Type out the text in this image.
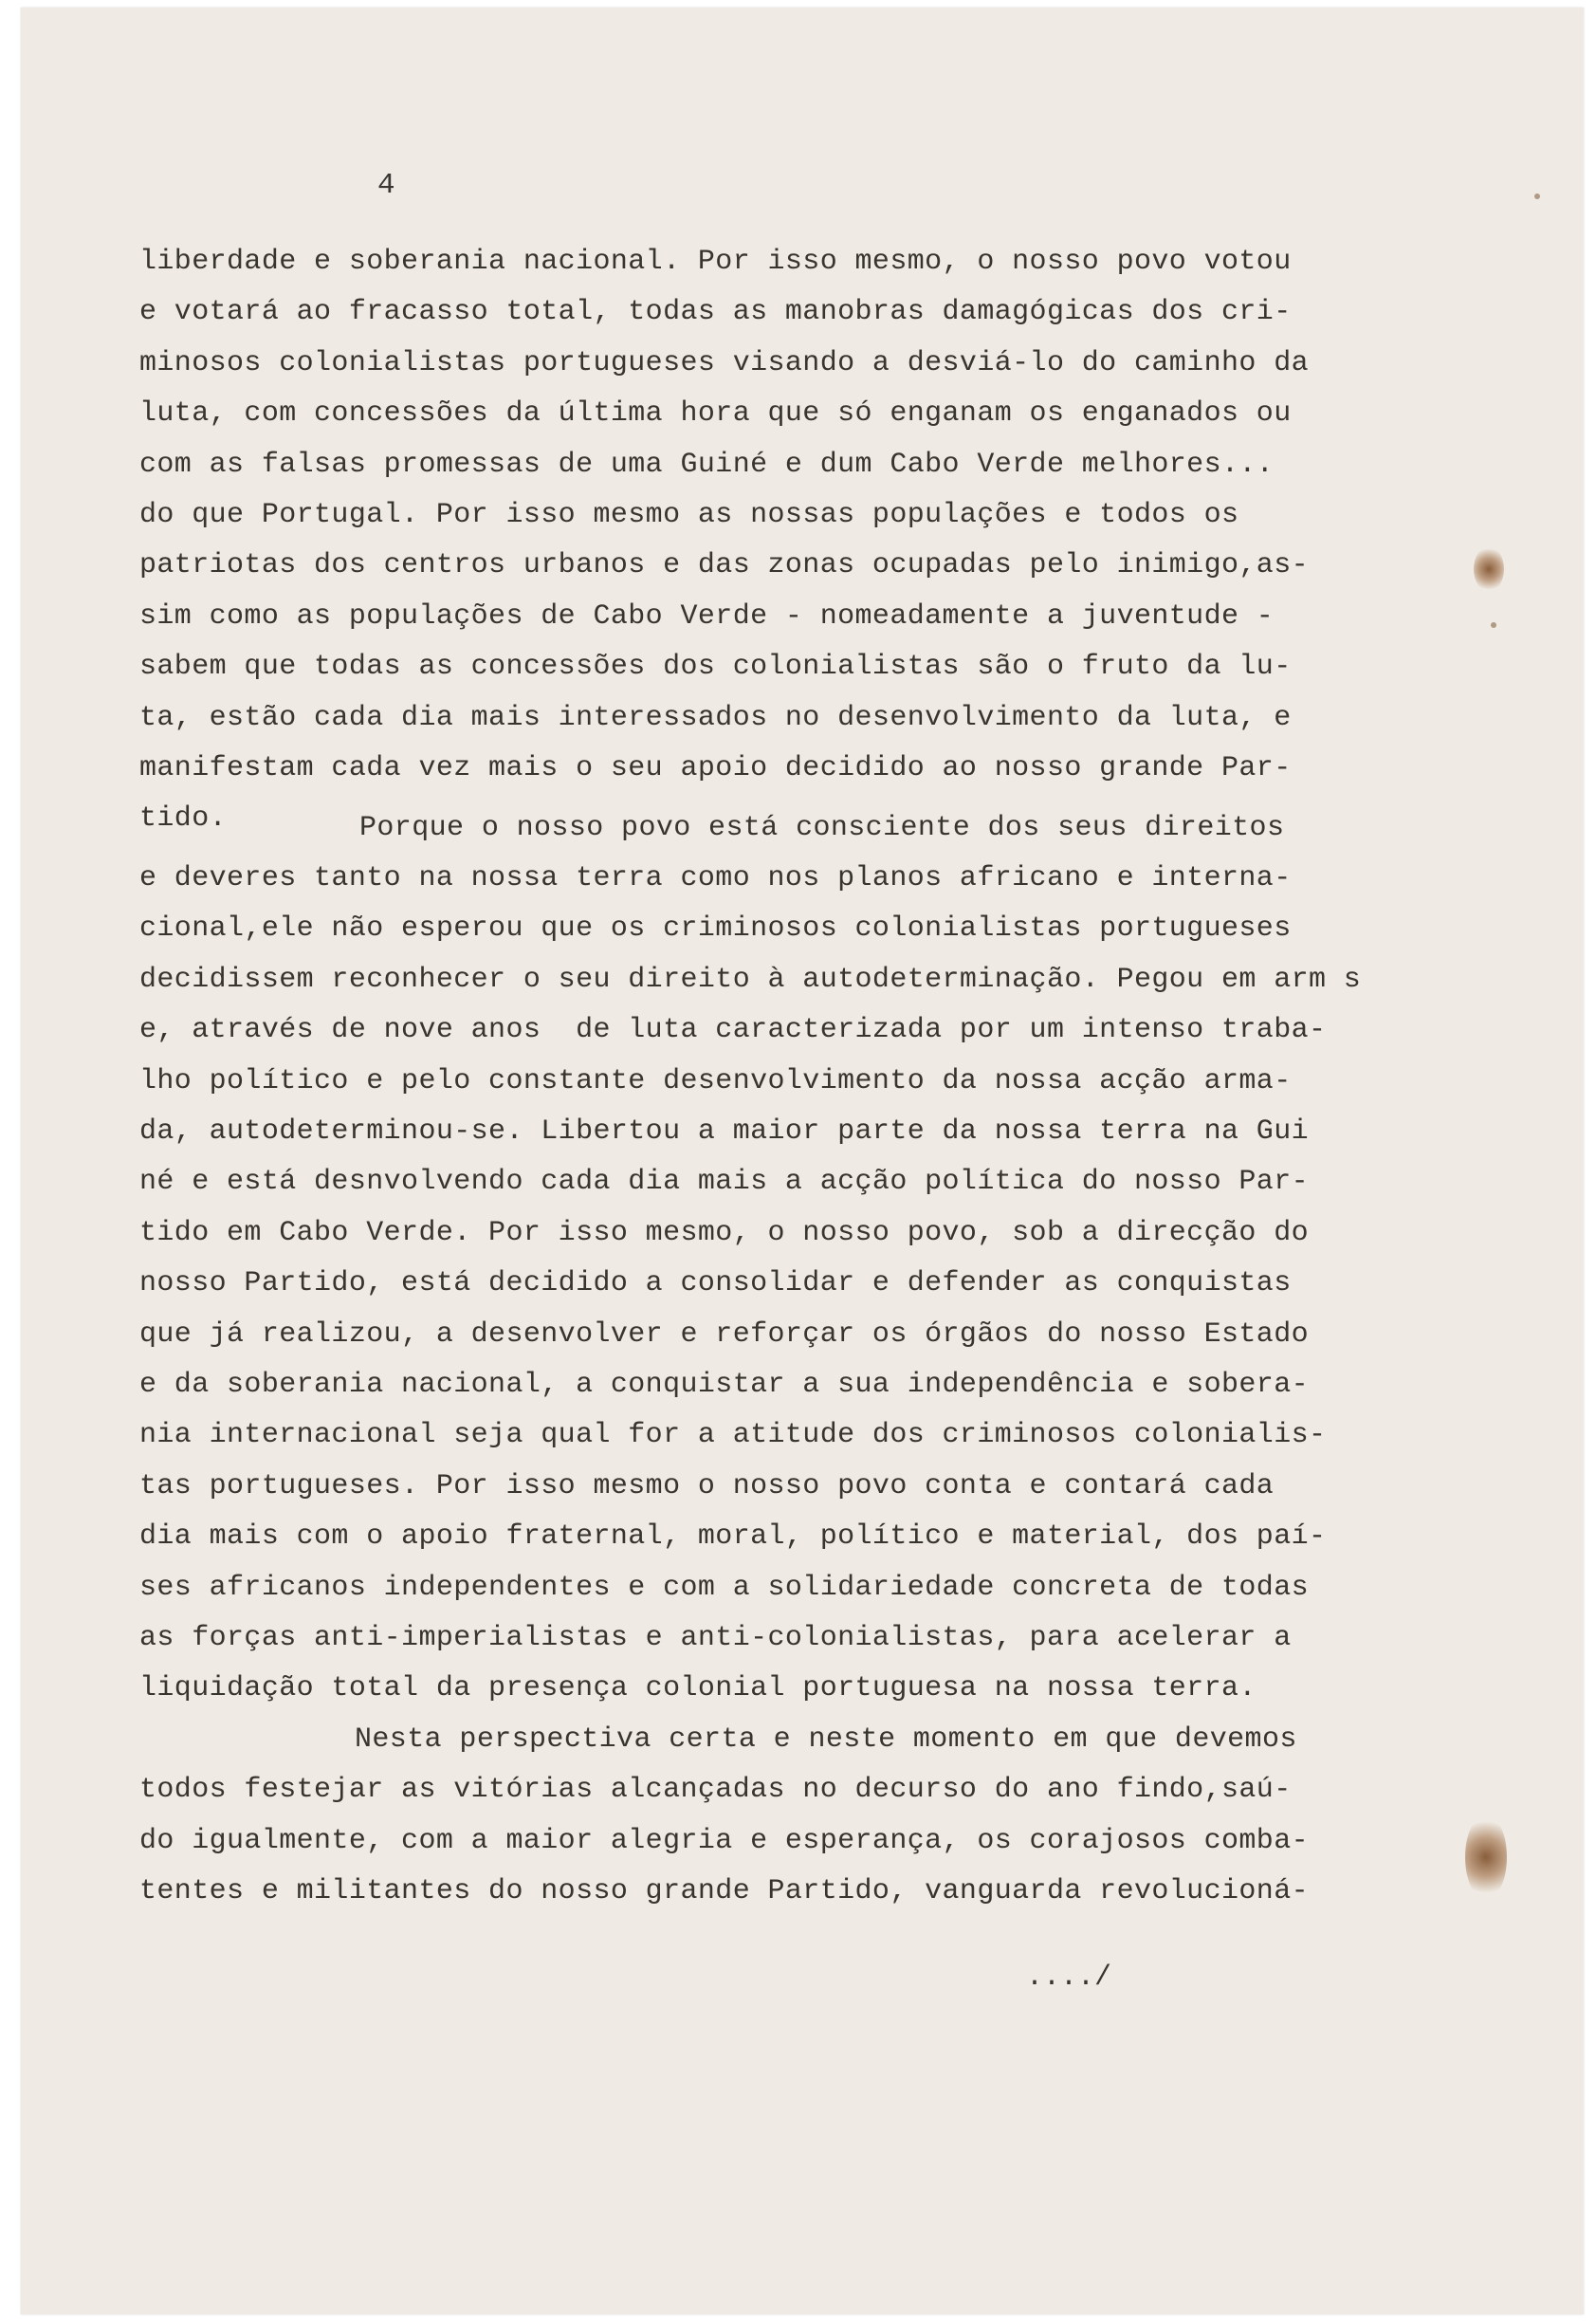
4
liberdade e soberania nacional. Por isso mesmo, o nosso povo votou
e votará ao fracasso total, todas as manobras damagógicas dos cri-
minosos colonialistas portugueses visando a desviá-lo do caminho da
luta, com concessões da última hora que só enganam os enganados ou
com as falsas promessas de uma Guiné e dum Cabo Verde melhores...
do que Portugal. Por isso mesmo as nossas populações e todos os
patriotas dos centros urbanos e das zonas ocupadas pelo inimigo,as-
sim como as populações de Cabo Verde - nomeadamente a juventude -
sabem que todas as concessões dos colonialistas são o fruto da lu-
ta, estão cada dia mais interessados no desenvolvimento da luta, e
manifestam cada vez mais o seu apoio decidido ao nosso grande Par-
tido.	Porque o nosso povo está consciente dos seus direitos
e deveres tanto na nossa terra como nos planos africano e interna-
cional,ele não esperou que os criminosos colonialistas portugueses
decidissem reconhecer o seu direito à autodeterminação. Pegou em arm s
e, através de nove anos  de luta caracterizada por um intenso traba-
lho político e pelo constante desenvolvimento da nossa acção arma-
da, autodeterminou-se. Libertou a maior parte da nossa terra na Gui
né e está desnvolvendo cada dia mais a acção política do nosso Par-
tido em Cabo Verde. Por isso mesmo, o nosso povo, sob a direcção do
nosso Partido, está decidido a consolidar e defender as conquistas
que já realizou, a desenvolver e reforçar os órgãos do nosso Estado
e da soberania nacional, a conquistar a sua independência e sobera-
nia internacional seja qual for a atitude dos criminosos colonialis-
tas portugueses. Por isso mesmo o nosso povo conta e contará cada
dia mais com o apoio fraternal, moral, político e material, dos paí-
ses africanos independentes e com a solidariedade concreta de todas
as forças anti-imperialistas e anti-colonialistas, para acelerar a
liquidação total da presença colonial portuguesa na nossa terra.
Nesta perspectiva certa e neste momento em que devemos
todos festejar as vitórias alcançadas no decurso do ano findo,saú-
do igualmente, com a maior alegria e esperança, os corajosos comba-
tentes e militantes do nosso grande Partido, vanguarda revolucioná-
..../
